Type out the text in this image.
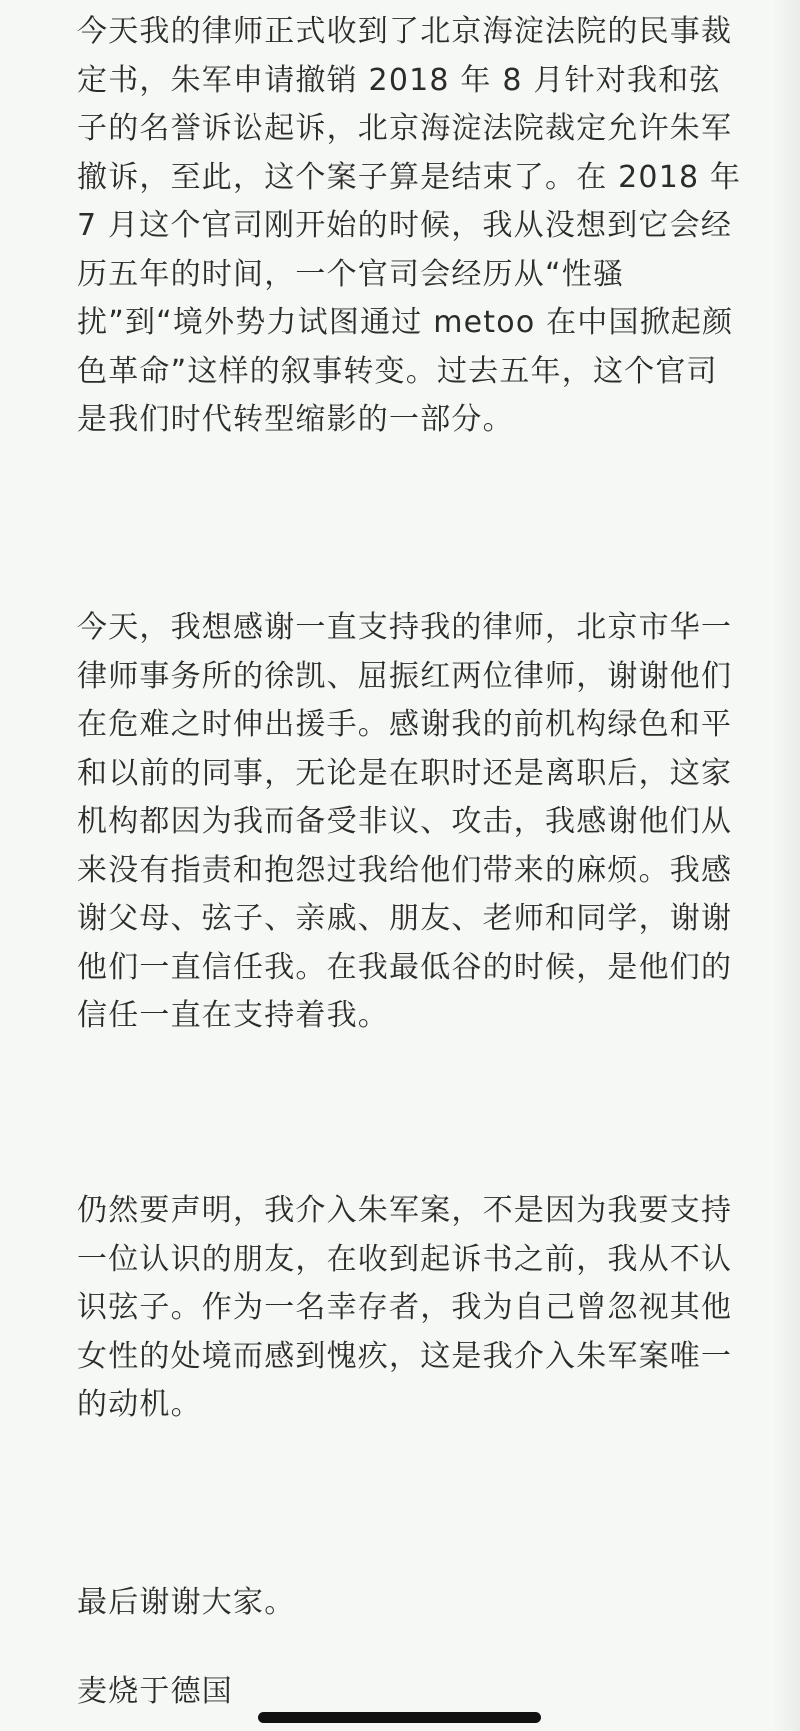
今天我的律师正式收到了北京海淀法院的民事裁定书，朱军申请撤销 2018 年 8 月针对我和弦子的名誉诉讼起诉，北京海淀法院裁定允许朱军撤诉，至此，这个案子算是结束了。在 2018 年 7 月这个官司刚开始的时候，我从没想到它会经历五年的时间，一个官司会经历从“性骚扰”到“境外势力试图通过 metoo 在中国掀起颜色革命”这样的叙事转变。过去五年，这个官司是我们时代转型缩影的一部分。

今天，我想感谢一直支持我的律师，北京市华一律师事务所的徐凯、屈振红两位律师，谢谢他们在危难之时伸出援手。感谢我的前机构绿色和平和以前的同事，无论是在职时还是离职后，这家机构都因为我而备受非议、攻击，我感谢他们从来没有指责和抱怨过我给他们带来的麻烦。我感谢父母、弦子、亲戚、朋友、老师和同学，谢谢他们一直信任我。在我最低谷的时候，是他们的信任一直在支持着我。

仍然要声明，我介入朱军案，不是因为我要支持一位认识的朋友，在收到起诉书之前，我从不认识弦子。作为一名幸存者，我为自己曾忽视其他女性的处境而感到愧疚，这是我介入朱军案唯一的动机。

最后谢谢大家。

麦烧于德国
